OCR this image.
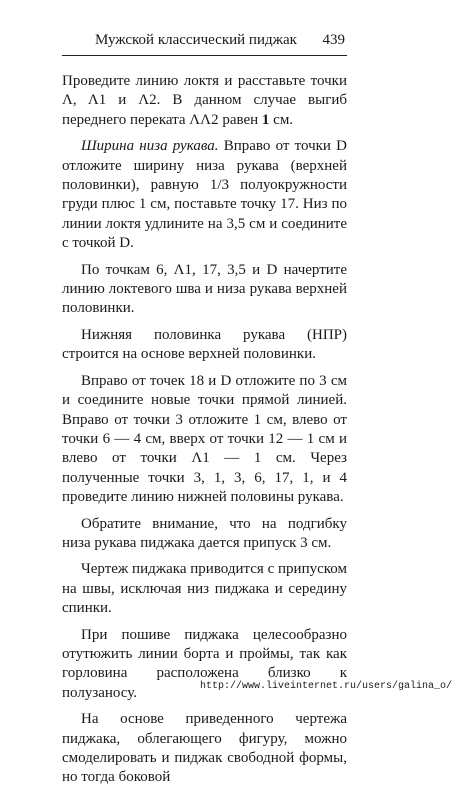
Мужской классический пиджак 439

Проведите линию локтя и расставьте точки Λ, Λ1 и Λ2. В данном случае выгиб переднего переката ΛΛ2 равен 1 см.

Ширина низа рукава. Вправо от точки D отложите ширину низа рукава (верхней половинки), равную 1/3 полуокружности груди плюс 1 см, поставьте точку 17. Низ по линии локтя удлините на 3,5 см и соедините с точкой D.

По точкам 6, Λ1, 17, 3,5 и D начертите линию локтевого шва и низа рукава верхней половинки.

Нижняя половинка рукава (НПР) строится на основе верхней половинки.

Вправо от точек 18 и D отложите по 3 см и соедините новые точки прямой линией. Вправо от точки 3 отложите 1 см, влево от точки 6 — 4 см, вверх от точки 12 — 1 см и влево от точки Λ1 — 1 см. Через полученные точки 3, 1, 3, 6, 17, 1, и 4 проведите линию нижней половины рукава.

Обратите внимание, что на подгибку низа рукава пиджака дается припуск 3 см.

Чертеж пиджака приводится с припуском на швы, исключая низ пиджака и середину спинки.

При пошиве пиджака целесообразно отутюжить линии борта и проймы, так как горловина расположена близко к полузаносу.

На основе приведенного чертежа пиджака, облегающего фигуру, можно смоделировать и пиджак свободной формы, но тогда боковой

http://www.liveinternet.ru/users/galina_o/
